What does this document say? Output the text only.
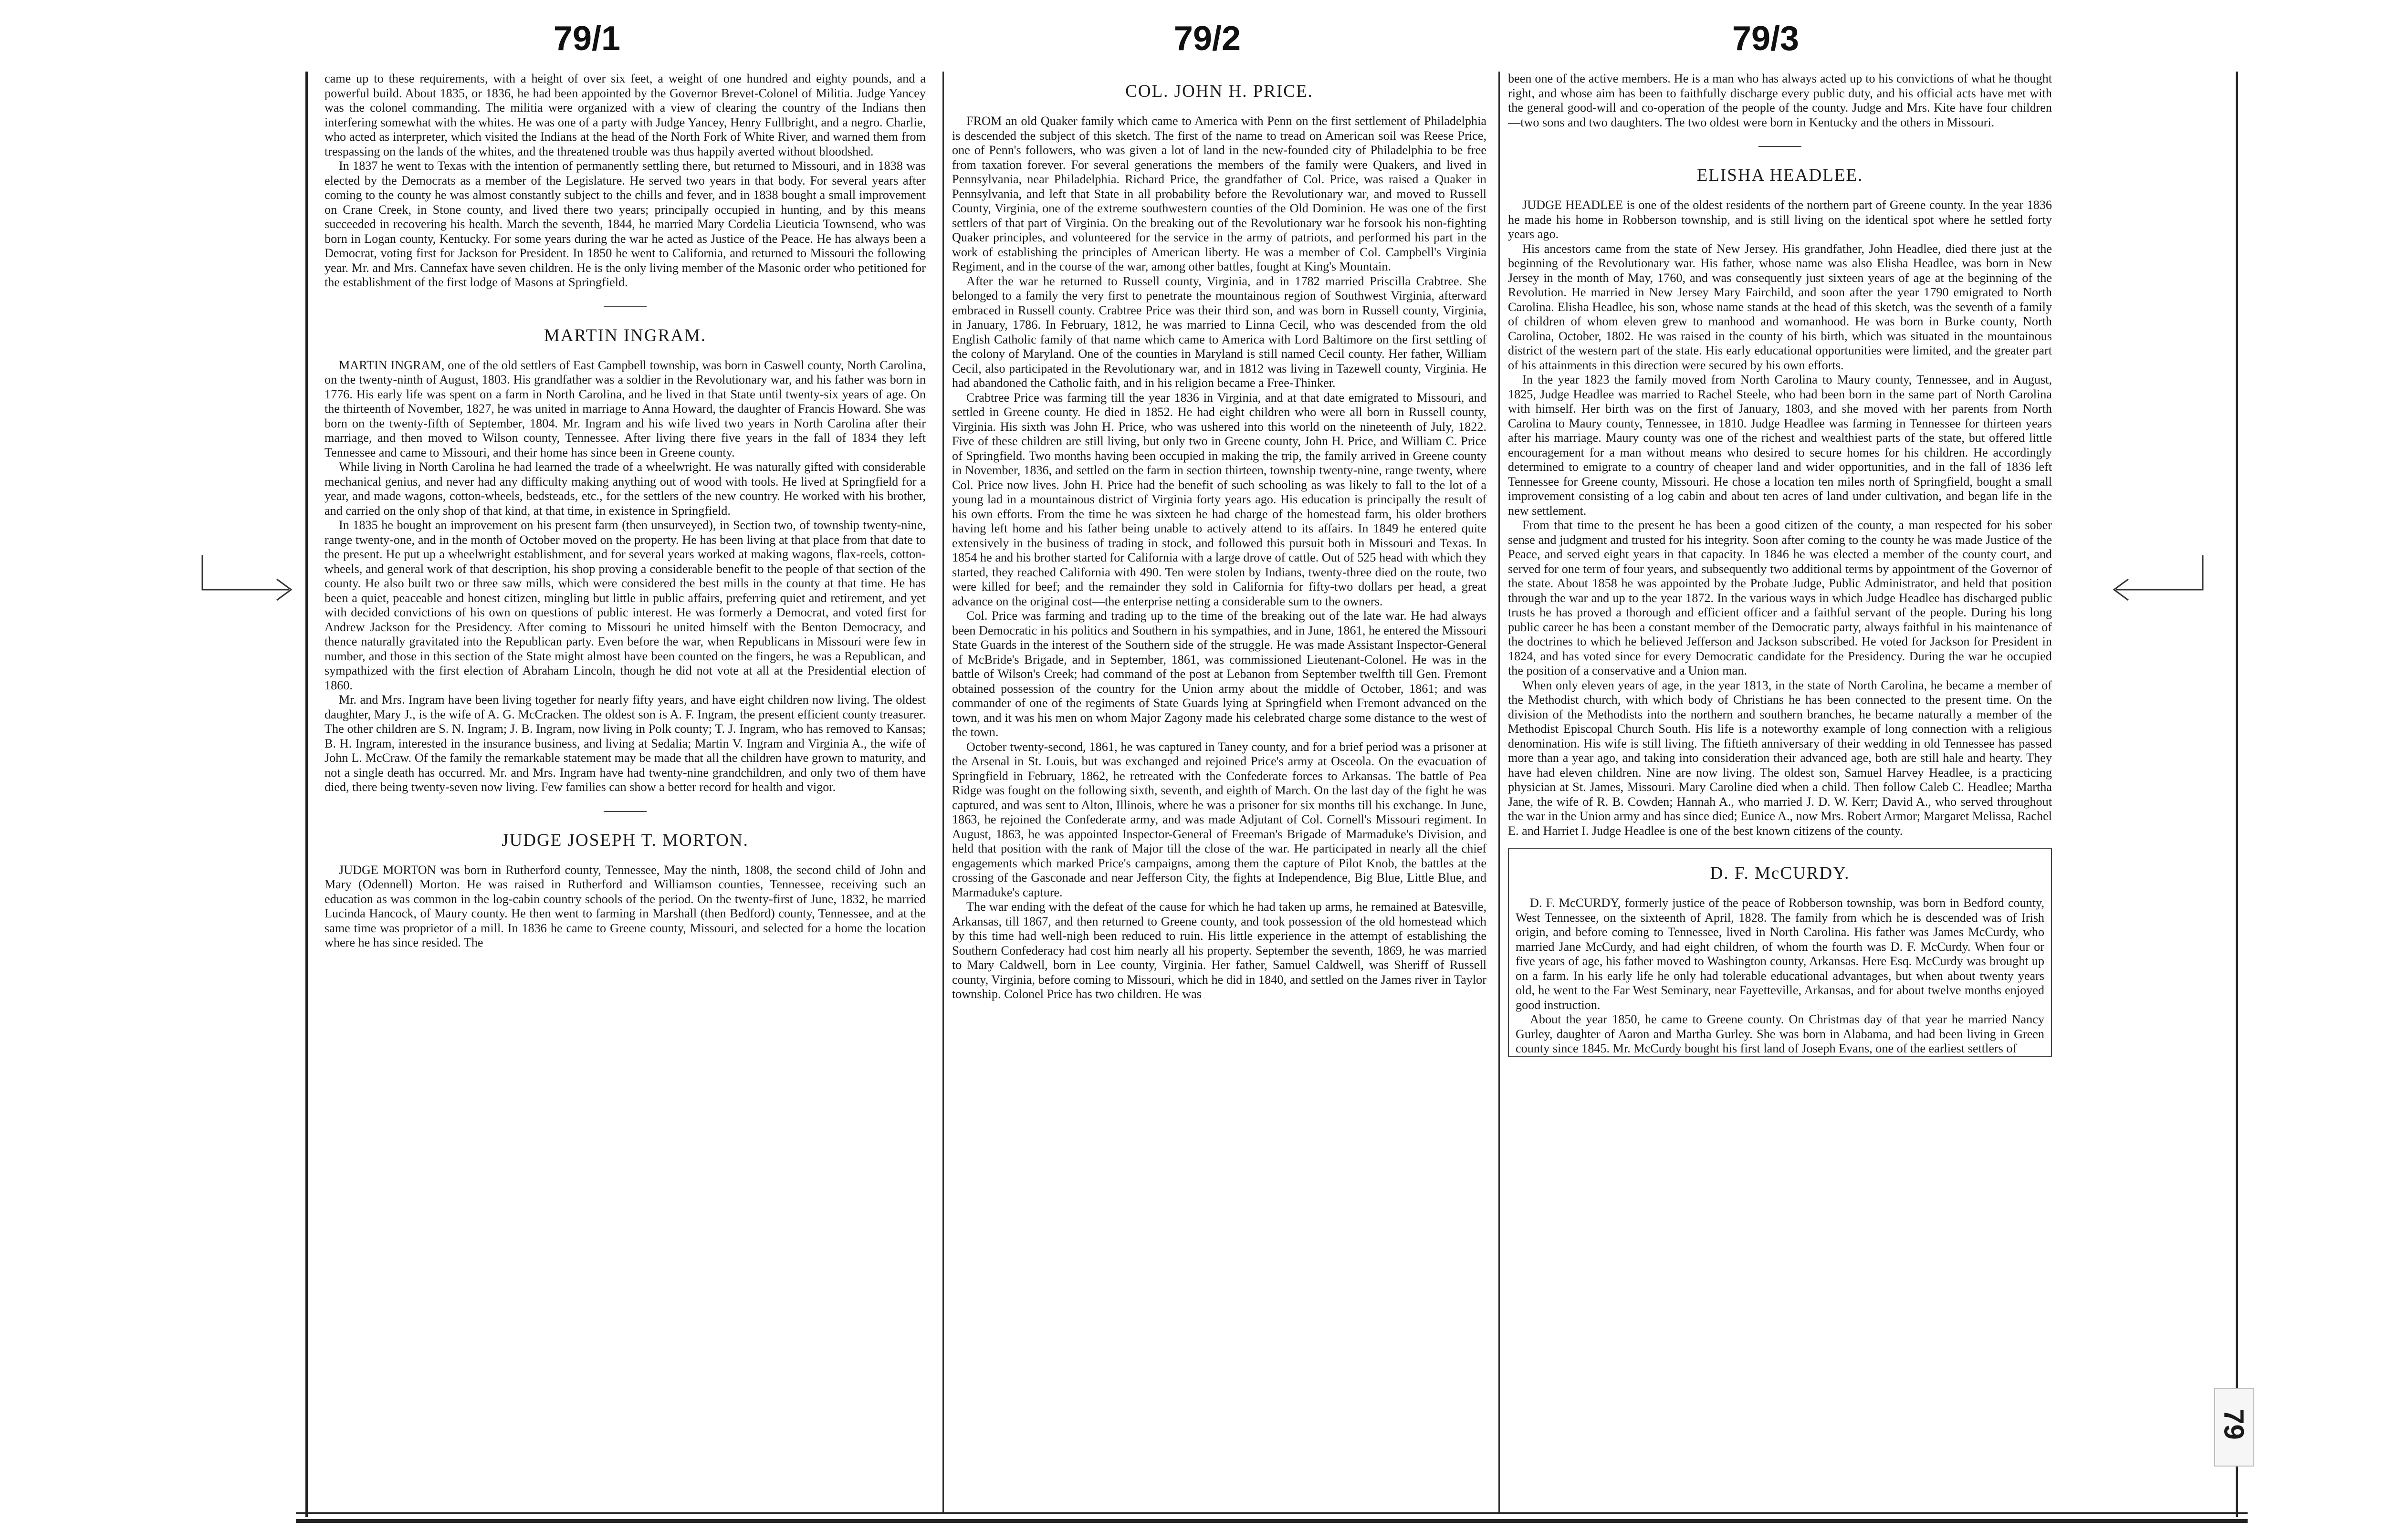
79/1	79/2	79/3

came up to these requirements, with a height of over six feet, a weight of one hundred and eighty pounds, and a powerful build. About 1835, or 1836, he had been appointed by the Governor Brevet-Colonel of Militia. Judge Yancey was the colonel commanding. The militia were organized with a view of clearing the country of the Indians then interfering somewhat with the whites. He was one of a party with Judge Yancey, Henry Fullbright, and a negro. Charlie, who acted as interpreter, which visited the Indians at the head of the North Fork of White River, and warned them from trespassing on the lands of the whites, and the threatened trouble was thus happily averted without bloodshed.

In 1837 he went to Texas with the intention of permanently settling there, but returned to Missouri, and in 1838 was elected by the Democrats as a member of the Legislature. He served two years in that body. For several years after coming to the county he was almost constantly subject to the chills and fever, and in 1838 bought a small improvement on Crane Creek, in Stone county, and lived there two years; principally occupied in hunting, and by this means succeeded in recovering his health. March the seventh, 1844, he married Mary Cordelia Lieuticia Townsend, who was born in Logan county, Kentucky. For some years during the war he acted as Justice of the Peace. He has always been a Democrat, voting first for Jackson for President. In 1850 he went to California, and returned to Missouri the following year. Mr. and Mrs. Cannefax have seven children. He is the only living member of the Masonic order who petitioned for the establishment of the first lodge of Masons at Springfield.

MARTIN INGRAM.

MARTIN INGRAM, one of the old settlers of East Campbell township, was born in Caswell county, North Carolina, on the twenty-ninth of August, 1803. His grandfather was a soldier in the Revolutionary war, and his father was born in 1776. His early life was spent on a farm in North Carolina, and he lived in that State until twenty-six years of age. On the thirteenth of November, 1827, he was united in marriage to Anna Howard, the daughter of Francis Howard. She was born on the twenty-fifth of September, 1804. Mr. Ingram and his wife lived two years in North Carolina after their marriage, and then moved to Wilson county, Tennessee. After living there five years in the fall of 1834 they left Tennessee and came to Missouri, and their home has since been in Greene county.

While living in North Carolina he had learned the trade of a wheelwright. He was naturally gifted with considerable mechanical genius, and never had any difficulty making anything out of wood with tools. He lived at Springfield for a year, and made wagons, cotton-wheels, bedsteads, etc., for the settlers of the new country. He worked with his brother, and carried on the only shop of that kind, at that time, in existence in Springfield.

In 1835 he bought an improvement on his present farm (then unsurveyed), in Section two, of township twenty-nine, range twenty-one, and in the month of October moved on the property. He has been living at that place from that date to the present. He put up a wheelwright establishment, and for several years worked at making wagons, flax-reels, cotton-wheels, and general work of that description, his shop proving a considerable benefit to the people of that section of the county. He also built two or three saw mills, which were considered the best mills in the county at that time. He has been a quiet, peaceable and honest citizen, mingling but little in public affairs, preferring quiet and retirement, and yet with decided convictions of his own on questions of public interest. He was formerly a Democrat, and voted first for Andrew Jackson for the Presidency. After coming to Missouri he united himself with the Benton Democracy, and thence naturally gravitated into the Republican party. Even before the war, when Republicans in Missouri were few in number, and those in this section of the State might almost have been counted on the fingers, he was a Republican, and sympathized with the first election of Abraham Lincoln, though he did not vote at all at the Presidential election of 1860.

Mr. and Mrs. Ingram have been living together for nearly fifty years, and have eight children now living. The oldest daughter, Mary J., is the wife of A. G. McCracken. The oldest son is A. F. Ingram, the present efficient county treasurer. The other children are S. N. Ingram; J. B. Ingram, now living in Polk county; T. J. Ingram, who has removed to Kansas; B. H. Ingram, interested in the insurance business, and living at Sedalia; Martin V. Ingram and Virginia A., the wife of John L. McCraw. Of the family the remarkable statement may be made that all the children have grown to maturity, and not a single death has occurred. Mr. and Mrs. Ingram have had twenty-nine grandchildren, and only two of them have died, there being twenty-seven now living. Few families can show a better record for health and vigor.

JUDGE JOSEPH T. MORTON.

JUDGE MORTON was born in Rutherford county, Tennessee, May the ninth, 1808, the second child of John and Mary (Odennell) Morton. He was raised in Rutherford and Williamson counties, Tennessee, receiving such an education as was common in the log-cabin country schools of the period. On the twenty-first of June, 1832, he married Lucinda Hancock, of Maury county. He then went to farming in Marshall (then Bedford) county, Tennessee, and at the same time was proprietor of a mill. In 1836 he came to Greene county, Missouri, and selected for a home the location where he has since resided. The

COL. JOHN H. PRICE.

FROM an old Quaker family which came to America with Penn on the first settlement of Philadelphia is descended the subject of this sketch. The first of the name to tread on American soil was Reese Price, one of Penn's followers, who was given a lot of land in the new-founded city of Philadelphia to be free from taxation forever. For several generations the members of the family were Quakers, and lived in Pennsylvania, near Philadelphia. Richard Price, the grandfather of Col. Price, was raised a Quaker in Pennsylvania, and left that State in all probability before the Revolutionary war, and moved to Russell County, Virginia, one of the extreme southwestern counties of the Old Dominion. He was one of the first settlers of that part of Virginia. On the breaking out of the Revolutionary war he forsook his non-fighting Quaker principles, and volunteered for the service in the army of patriots, and performed his part in the work of establishing the principles of American liberty. He was a member of Col. Campbell's Virginia Regiment, and in the course of the war, among other battles, fought at King's Mountain.

After the war he returned to Russell county, Virginia, and in 1782 married Priscilla Crabtree. She belonged to a family the very first to penetrate the mountainous region of Southwest Virginia, afterward embraced in Russell county. Crabtree Price was their third son, and was born in Russell county, Virginia, in January, 1786. In February, 1812, he was married to Linna Cecil, who was descended from the old English Catholic family of that name which came to America with Lord Baltimore on the first settling of the colony of Maryland. One of the counties in Maryland is still named Cecil county. Her father, William Cecil, also participated in the Revolutionary war, and in 1812 was living in Tazewell county, Virginia. He had abandoned the Catholic faith, and in his religion became a Free-Thinker.

Crabtree Price was farming till the year 1836 in Virginia, and at that date emigrated to Missouri, and settled in Greene county. He died in 1852. He had eight children who were all born in Russell county, Virginia. His sixth was John H. Price, who was ushered into this world on the nineteenth of July, 1822. Five of these children are still living, but only two in Greene county, John H. Price, and William C. Price of Springfield. Two months having been occupied in making the trip, the family arrived in Greene county in November, 1836, and settled on the farm in section thirteen, township twenty-nine, range twenty, where Col. Price now lives. John H. Price had the benefit of such schooling as was likely to fall to the lot of a young lad in a mountainous district of Virginia forty years ago. His education is principally the result of his own efforts. From the time he was sixteen he had charge of the homestead farm, his older brothers having left home and his father being unable to actively attend to its affairs. In 1849 he entered quite extensively in the business of trading in stock, and followed this pursuit both in Missouri and Texas. In 1854 he and his brother started for California with a large drove of cattle. Out of 525 head with which they started, they reached California with 490. Ten were stolen by Indians, twenty-three died on the route, two were killed for beef; and the remainder they sold in California for fifty-two dollars per head, a great advance on the original cost—the enterprise netting a considerable sum to the owners.

Col. Price was farming and trading up to the time of the breaking out of the late war. He had always been Democratic in his politics and Southern in his sympathies, and in June, 1861, he entered the Missouri State Guards in the interest of the Southern side of the struggle. He was made Assistant Inspector-General of McBride's Brigade, and in September, 1861, was commissioned Lieutenant-Colonel. He was in the battle of Wilson's Creek; had command of the post at Lebanon from September twelfth till Gen. Fremont obtained possession of the country for the Union army about the middle of October, 1861; and was commander of one of the regiments of State Guards lying at Springfield when Fremont advanced on the town, and it was his men on whom Major Zagony made his celebrated charge some distance to the west of the town.

October twenty-second, 1861, he was captured in Taney county, and for a brief period was a prisoner at the Arsenal in St. Louis, but was exchanged and rejoined Price's army at Osceola. On the evacuation of Springfield in February, 1862, he retreated with the Confederate forces to Arkansas. The battle of Pea Ridge was fought on the following sixth, seventh, and eighth of March. On the last day of the fight he was captured, and was sent to Alton, Illinois, where he was a prisoner for six months till his exchange. In June, 1863, he rejoined the Confederate army, and was made Adjutant of Col. Cornell's Missouri regiment. In August, 1863, he was appointed Inspector-General of Freeman's Brigade of Marmaduke's Division, and held that position with the rank of Major till the close of the war. He participated in nearly all the chief engagements which marked Price's campaigns, among them the capture of Pilot Knob, the battles at the crossing of the Gasconade and near Jefferson City, the fights at Independence, Big Blue, Little Blue, and Marmaduke's capture.

The war ending with the defeat of the cause for which he had taken up arms, he remained at Batesville, Arkansas, till 1867, and then returned to Greene county, and took possession of the old homestead which by this time had well-nigh been reduced to ruin. His little experience in the attempt of establishing the Southern Confederacy had cost him nearly all his property. September the seventh, 1869, he was married to Mary Caldwell, born in Lee county, Virginia. Her father, Samuel Caldwell, was Sheriff of Russell county, Virginia, before coming to Missouri, which he did in 1840, and settled on the James river in Taylor township. Colonel Price has two children. He was

been one of the active members. He is a man who has always acted up to his convictions of what he thought right, and whose aim has been to faithfully discharge every public duty, and his official acts have met with the general good-will and co-operation of the people of the county. Judge and Mrs. Kite have four children—two sons and two daughters. The two oldest were born in Kentucky and the others in Missouri.

ELISHA HEADLEE.

JUDGE HEADLEE is one of the oldest residents of the northern part of Greene county. In the year 1836 he made his home in Robberson township, and is still living on the identical spot where he settled forty years ago.

His ancestors came from the state of New Jersey. His grandfather, John Headlee, died there just at the beginning of the Revolutionary war. His father, whose name was also Elisha Headlee, was born in New Jersey in the month of May, 1760, and was consequently just sixteen years of age at the beginning of the Revolution. He married in New Jersey Mary Fairchild, and soon after the year 1790 emigrated to North Carolina. Elisha Headlee, his son, whose name stands at the head of this sketch, was the seventh of a family of children of whom eleven grew to manhood and womanhood. He was born in Burke county, North Carolina, October, 1802. He was raised in the county of his birth, which was situated in the mountainous district of the western part of the state. His early educational opportunities were limited, and the greater part of his attainments in this direction were secured by his own efforts.

In the year 1823 the family moved from North Carolina to Maury county, Tennessee, and in August, 1825, Judge Headlee was married to Rachel Steele, who had been born in the same part of North Carolina with himself. Her birth was on the first of January, 1803, and she moved with her parents from North Carolina to Maury county, Tennessee, in 1810. Judge Headlee was farming in Tennessee for thirteen years after his marriage. Maury county was one of the richest and wealthiest parts of the state, but offered little encouragement for a man without means who desired to secure homes for his children. He accordingly determined to emigrate to a country of cheaper land and wider opportunities, and in the fall of 1836 left Tennessee for Greene county, Missouri. He chose a location ten miles north of Springfield, bought a small improvement consisting of a log cabin and about ten acres of land under cultivation, and began life in the new settlement.

From that time to the present he has been a good citizen of the county, a man respected for his sober sense and judgment and trusted for his integrity. Soon after coming to the county he was made Justice of the Peace, and served eight years in that capacity. In 1846 he was elected a member of the county court, and served for one term of four years, and subsequently two additional terms by appointment of the Governor of the state. About 1858 he was appointed by the Probate Judge, Public Administrator, and held that position through the war and up to the year 1872. In the various ways in which Judge Headlee has discharged public trusts he has proved a thorough and efficient officer and a faithful servant of the people. During his long public career he has been a constant member of the Democratic party, always faithful in his maintenance of the doctrines to which he believed Jefferson and Jackson subscribed. He voted for Jackson for President in 1824, and has voted since for every Democratic candidate for the Presidency. During the war he occupied the position of a conservative and a Union man.

When only eleven years of age, in the year 1813, in the state of North Carolina, he became a member of the Methodist church, with which body of Christians he has been connected to the present time. On the division of the Methodists into the northern and southern branches, he became naturally a member of the Methodist Episcopal Church South. His life is a noteworthy example of long connection with a religious denomination. His wife is still living. The fiftieth anniversary of their wedding in old Tennessee has passed more than a year ago, and taking into consideration their advanced age, both are still hale and hearty. They have had eleven children. Nine are now living. The oldest son, Samuel Harvey Headlee, is a practicing physician at St. James, Missouri. Mary Caroline died when a child. Then follow Caleb C. Headlee; Martha Jane, the wife of R. B. Cowden; Hannah A., who married J. D. W. Kerr; David A., who served throughout the war in the Union army and has since died; Eunice A., now Mrs. Robert Armor; Margaret Melissa, Rachel E. and Harriet I. Judge Headlee is one of the best known citizens of the county.

D. F. McCURDY.

D. F. McCURDY, formerly justice of the peace of Robberson township, was born in Bedford county, West Tennessee, on the sixteenth of April, 1828. The family from which he is descended was of Irish origin, and before coming to Tennessee, lived in North Carolina. His father was James McCurdy, who married Jane McCurdy, and had eight children, of whom the fourth was D. F. McCurdy. When four or five years of age, his father moved to Washington county, Arkansas. Here Esq. McCurdy was brought up on a farm. In his early life he only had tolerable educational advantages, but when about twenty years old, he went to the Far West Seminary, near Fayetteville, Arkansas, and for about twelve months enjoyed good instruction.

About the year 1850, he came to Greene county. On Christmas day of that year he married Nancy Gurley, daughter of Aaron and Martha Gurley. She was born in Alabama, and had been living in Green county since 1845. Mr. McCurdy bought his first land of Joseph Evans, one of the earliest settlers of

79
